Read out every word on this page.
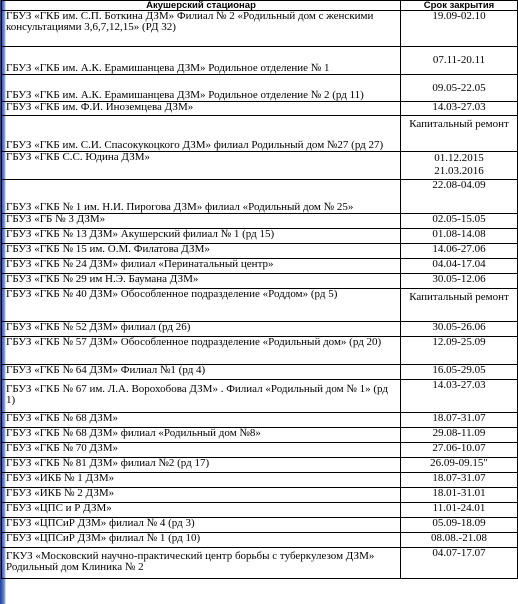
Акушерский стационар	Срок закрытия
ГБУЗ «ГКБ им. С.П. Боткина ДЗМ» Филиал № 2 «Родильный дом с женскими консультациями 3,6,7,12,15» (РД 32)	19.09-02.10
ГБУЗ «ГКБ им. А.К. Ерамишанцева ДЗМ» Родильное отделение № 1	07.11-20.11
ГБУЗ «ГКБ им. А.К. Ерамишанцева ДЗМ» Родильное отделение № 2 (рд 11)	09.05-22.05
ГБУЗ «ГКБ им. Ф.И. Иноземцева ДЗМ»	14.03-27.03
ГБУЗ «ГКБ им. С.И. Спасокукоцкого ДЗМ» филиал Родильный дом №27 (рд 27)	Капитальный ремонт
ГБУЗ «ГКБ С.С. Юдина ДЗМ»	01.12.2015 21.03.2016
ГБУЗ «ГКБ № 1 им. Н.И. Пирогова ДЗМ» филиал «Родильный дом № 25»	22.08-04.09
ГБУЗ «ГБ № 3 ДЗМ»	02.05-15.05
ГБУЗ «ГКБ № 13 ДЗМ» Акушерский филиал № 1 (рд 15)	01.08-14.08
ГБУЗ «ГКБ № 15 им. О.М. Филатова ДЗМ»	14.06-27.06
ГБУЗ «ГКБ № 24 ДЗМ» филиал «Перинатальный центр»	04.04-17.04
ГБУЗ «ГКБ № 29 им Н.Э. Баумана ДЗМ»	30.05-12.06
ГБУЗ «ГКБ № 40 ДЗМ» Обособленное подразделение «Роддом» (рд 5)	Капитальный ремонт
ГБУЗ «ГКБ № 52 ДЗМ» филиал (рд 26)	30.05-26.06
ГБУЗ «ГКБ № 57 ДЗМ» Обособленное подразделение «Родильный дом» (рд 20)	12.09-25.09
ГБУЗ «ГКБ № 64 ДЗМ» Филиал №1 (рд 4)	16.05-29.05
ГБУЗ «ГКБ № 67 им. Л.А. Ворохобова ДЗМ» . Филиал «Родильный дом № 1» (рд 1)	14.03-27.03
ГБУЗ «ГКБ № 68 ДЗМ»	18.07-31.07
ГБУЗ «ГКБ № 68 ДЗМ» филиал «Родильный дом №8»	29.08-11.09
ГБУЗ «ГКБ № 70 ДЗМ»	27.06-10.07
ГБУЗ «ГКБ № 81 ДЗМ» филиал №2 (рд 17)	26.09-09.15"
ГБУЗ «ИКБ № 1 ДЗМ»	18.07-31.07
ГБУЗ «ИКБ № 2 ДЗМ»	18.01-31.01
ГБУЗ «ЦПС и Р ДЗМ»	11.01-24.01
ГБУЗ «ЦПСиР ДЗМ» филиал № 4 (рд 3)	05.09-18.09
ГБУЗ «ЦПСиР ДЗМ» филиал № 1 (рд 10)	08.08.-21.08
ГКУЗ «Московский научно-практический центр борьбы с туберкулезом ДЗМ» Родильный дом Клиника № 2	04.07-17.07
